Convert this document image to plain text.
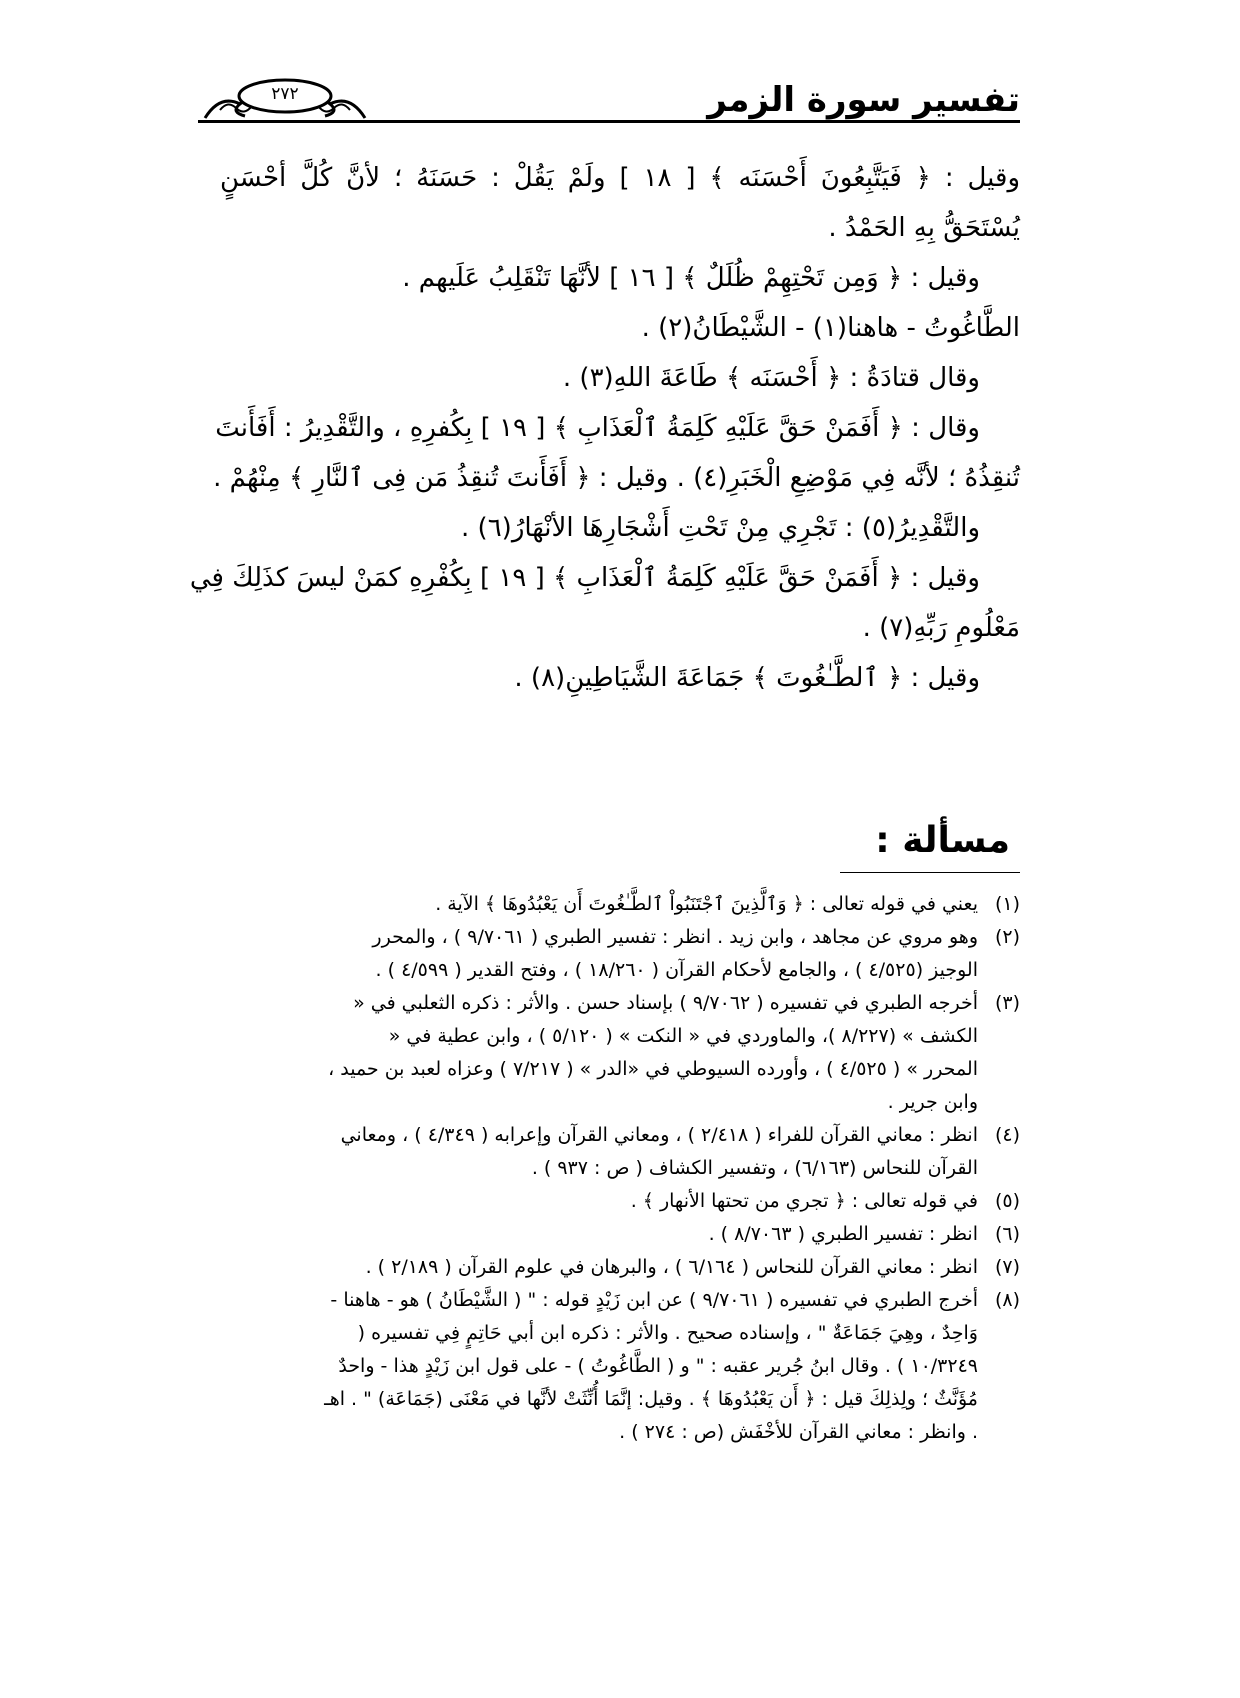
تفسير سورة الزمر
٢٧٢
وقيل : ﴿ فَيَتَّبِعُونَ أَحْسَنَه ﴾ [ ١٨ ] ولَمْ يَقُلْ : حَسَنَهُ ؛ لأنَّ كُلَّ أحْسَنٍ
يُسْتَحَقُّ بِهِ الحَمْدُ .
وقيل : ﴿ وَمِن تَحْتِهِمْ ظُلَلٌ ﴾ [ ١٦ ] لأنَّهَا تَنْقَلِبُ عَلَيهم .
الطَّاغُوتُ - هاهنا(١) - الشَّيْطَانُ(٢) .
وقال قتادَةُ : ﴿ أَحْسَنَه ﴾ طَاعَةَ اللهِ(٣) .
وقال : ﴿ أَفَمَنْ حَقَّ عَلَيْهِ كَلِمَةُ ٱلْعَذَابِ ﴾ [ ١٩ ] بِكُفرِهِ ، والتَّقْدِيرُ : أَفَأَنتَ
تُنقِذُهُ ؛ لأنَّه فِي مَوْضِعِ الْخَبَرِ(٤) . وقيل : ﴿ أَفَأَنتَ تُنقِذُ مَن فِى ٱلنَّارِ ﴾ مِنْهُمْ .
والتَّقْدِيرُ(٥) : تَجْرِي مِنْ تَحْتِ أَشْجَارِهَا الأنْهَارُ(٦) .
وقيل : ﴿ أَفَمَنْ حَقَّ عَلَيْهِ كَلِمَةُ ٱلْعَذَابِ ﴾ [ ١٩ ] بِكُفْرِهِ كمَنْ ليسَ كذَلِكَ فِي
مَعْلُومِ رَبِّهِ(٧) .
وقيل : ﴿ ٱلطَّـٰغُوتَ ﴾ جَمَاعَةَ الشَّيَاطِينِ(٨) .
مسألة :
(١)
يعني في قوله تعالى : ﴿ وَٱلَّذِينَ ٱجْتَنَبُواْ ٱلطَّـٰغُوتَ أَن يَعْبُدُوهَا ﴾ الآية .
(٢)
وهو مروي عن مجاهد ، وابن زيد . انظر : تفسير الطبري ( ٩/٧٠٦١ ) ، والمحرر
الوجيز (٤/٥٢٥ ) ، والجامع لأحكام القرآن ( ١٨/٢٦٠ ) ، وفتح القدير ( ٤/٥٩٩ ) .
(٣)
أخرجه الطبري في تفسيره ( ٩/٧٠٦٢ ) بإسناد حسن . والأثر : ذكره الثعلبي في «
الكشف » (٨/٢٢٧ )، والماوردي في « النكت » ( ٥/١٢٠ ) ، وابن عطية في «
المحرر » ( ٤/٥٢٥ ) ، وأورده السيوطي في «الدر » ( ٧/٢١٧ ) وعزاه لعبد بن حميد ،
وابن جرير .
(٤)
انظر : معاني القرآن للفراء ( ٢/٤١٨ ) ، ومعاني القرآن وإعرابه ( ٤/٣٤٩ ) ، ومعاني
القرآن للنحاس (٦/١٦٣) ، وتفسير الكشاف ( ص : ٩٣٧ ) .
(٥)
في قوله تعالى : ﴿ تجري من تحتها الأنهار ﴾ .
(٦)
انظر : تفسير الطبري ( ٨/٧٠٦٣ ) .
(٧)
انظر : معاني القرآن للنحاس ( ٦/١٦٤ ) ، والبرهان في علوم القرآن ( ٢/١٨٩ ) .
(٨)
أخرج الطبري في تفسيره ( ٩/٧٠٦١ ) عن ابن زَيْدٍ قوله : " ( الشَّيْطَانُ ) هو - هاهنا -
وَاحِدٌ ، وهِيَ جَمَاعَةٌ " ، وإسناده صحيح . والأثر : ذكره ابن أبي حَاتِمٍ فِي تفسيره (
١٠/٣٢٤٩ ) . وقال ابنُ جُرير عقبه : " و ( الطَّاغُوتُ ) - على قول ابن زَيْدٍ هذا - واحدٌ
مُؤَنَّثٌ ؛ ولِذلِكَ قيل : ﴿ أَن يَعْبُدُوهَا ﴾ . وقيل: إنَّمَا أُنِّثَتْ لأنَّها في مَعْنَى (جَمَاعَة) " . اهـ
. وانظر : معاني القرآن للأخْفَش (ص : ٢٧٤ ) .
